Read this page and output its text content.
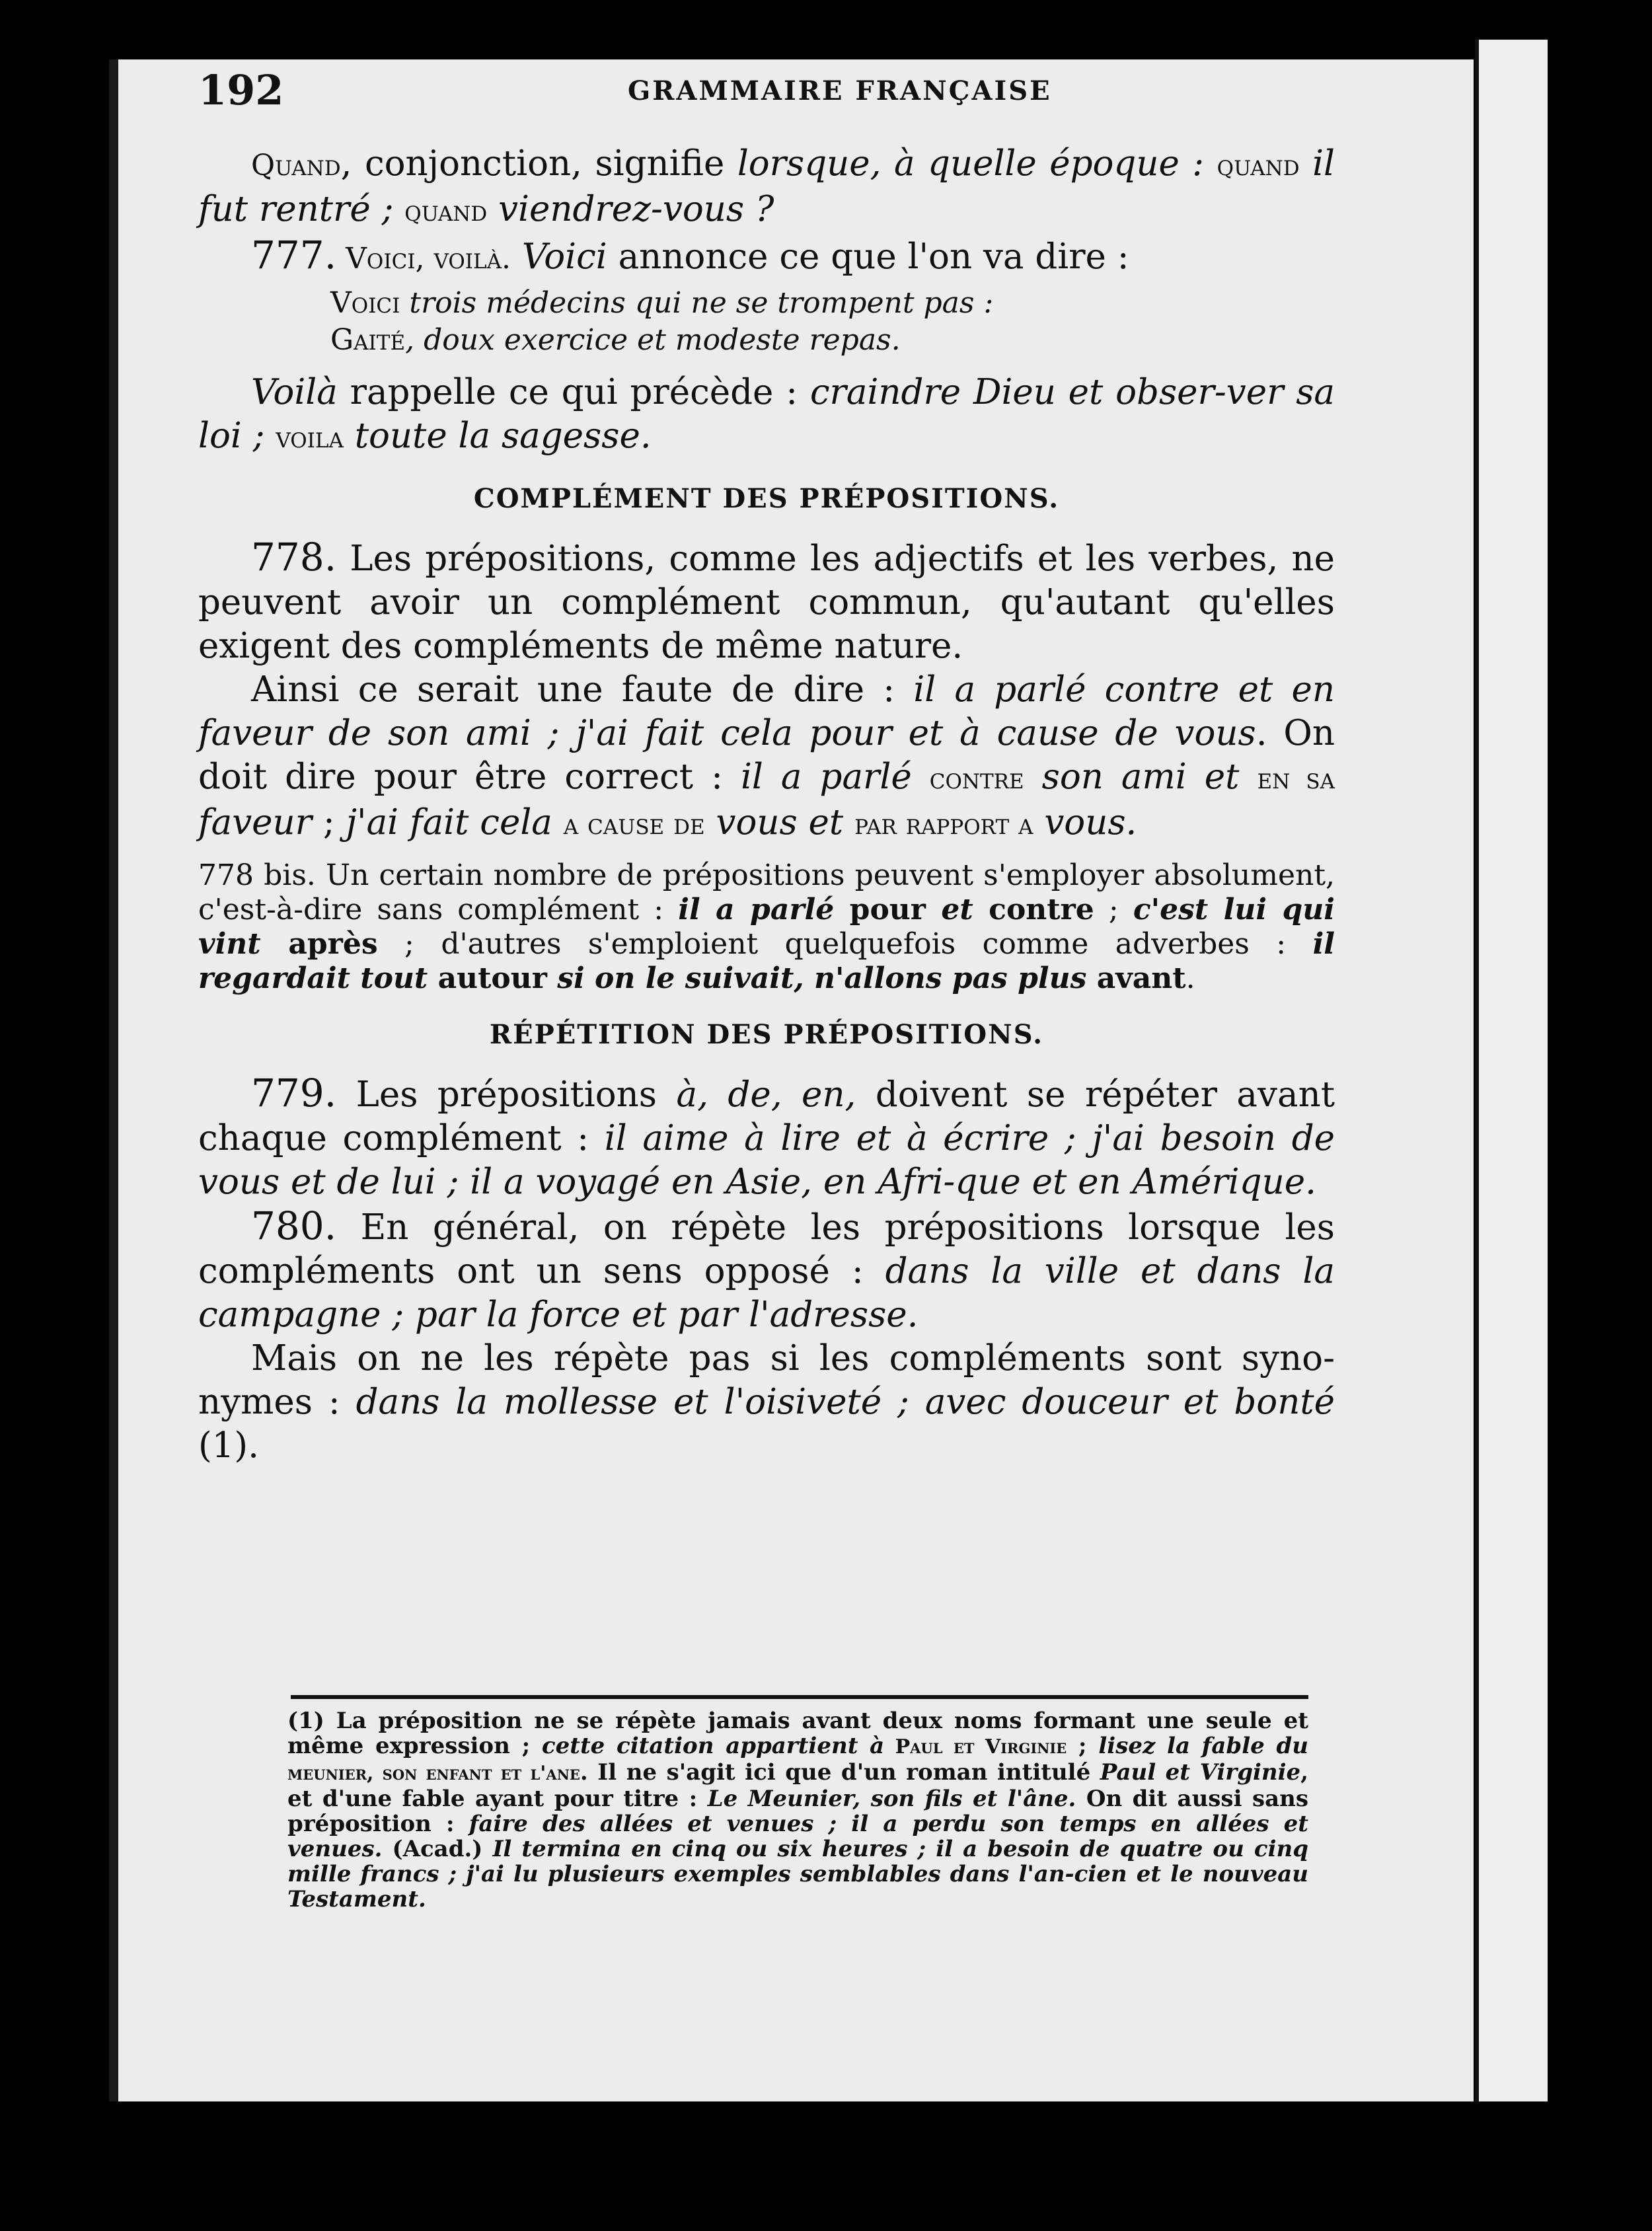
192	GRAMMAIRE FRANÇAISE

Quand, conjonction, signifie lorsque, à quelle époque : quand il fut rentré ; quand viendrez-vous ?

777. Voici, voilà. Voici annonce ce que l'on va dire :

Voici trois médecins qui ne se trompent pas :
Gaité, doux exercice et modeste repas.

Voilà rappelle ce qui précède : craindre Dieu et obser-ver sa loi ; voila toute la sagesse.

COMPLÉMENT DES PRÉPOSITIONS.

778. Les prépositions, comme les adjectifs et les verbes, ne peuvent avoir un complément commun, qu'autant qu'elles exigent des compléments de même nature.

Ainsi ce serait une faute de dire : il a parlé contre et en faveur de son ami ; j'ai fait cela pour et à cause de vous. On doit dire pour être correct : il a parlé contre son ami et en sa faveur ; j'ai fait cela a cause de vous et par rapport a vous.

778 bis. Un certain nombre de prépositions peuvent s'employer absolument, c'est-à-dire sans complément : il a parlé pour et contre ; c'est lui qui vint après ; d'autres s'emploient quelquefois comme adverbes : il regardait tout autour si on le suivait, n'allons pas plus avant.

RÉPÉTITION DES PRÉPOSITIONS.

779. Les prépositions à, de, en, doivent se répéter avant chaque complément : il aime à lire et à écrire ; j'ai besoin de vous et de lui ; il a voyagé en Asie, en Afri-que et en Amérique.

780. En général, on répète les prépositions lorsque les compléments ont un sens opposé : dans la ville et dans la campagne ; par la force et par l'adresse.

Mais on ne les répète pas si les compléments sont syno-nymes : dans la mollesse et l'oisiveté ; avec douceur et bonté (1).

(1) La préposition ne se répète jamais avant deux noms formant une seule et même expression ; cette citation appartient à Paul et Virginie ; lisez la fable du meunier, son enfant et l'ane. Il ne s'agit ici que d'un roman intitulé Paul et Virginie, et d'une fable ayant pour titre : Le Meunier, son fils et l'âne. On dit aussi sans préposition : faire des allées et venues ; il a perdu son temps en allées et venues. (Acad.) Il termina en cinq ou six heures ; il a besoin de quatre ou cinq mille francs ; j'ai lu plusieurs exemples semblables dans l'an-cien et le nouveau Testament.
